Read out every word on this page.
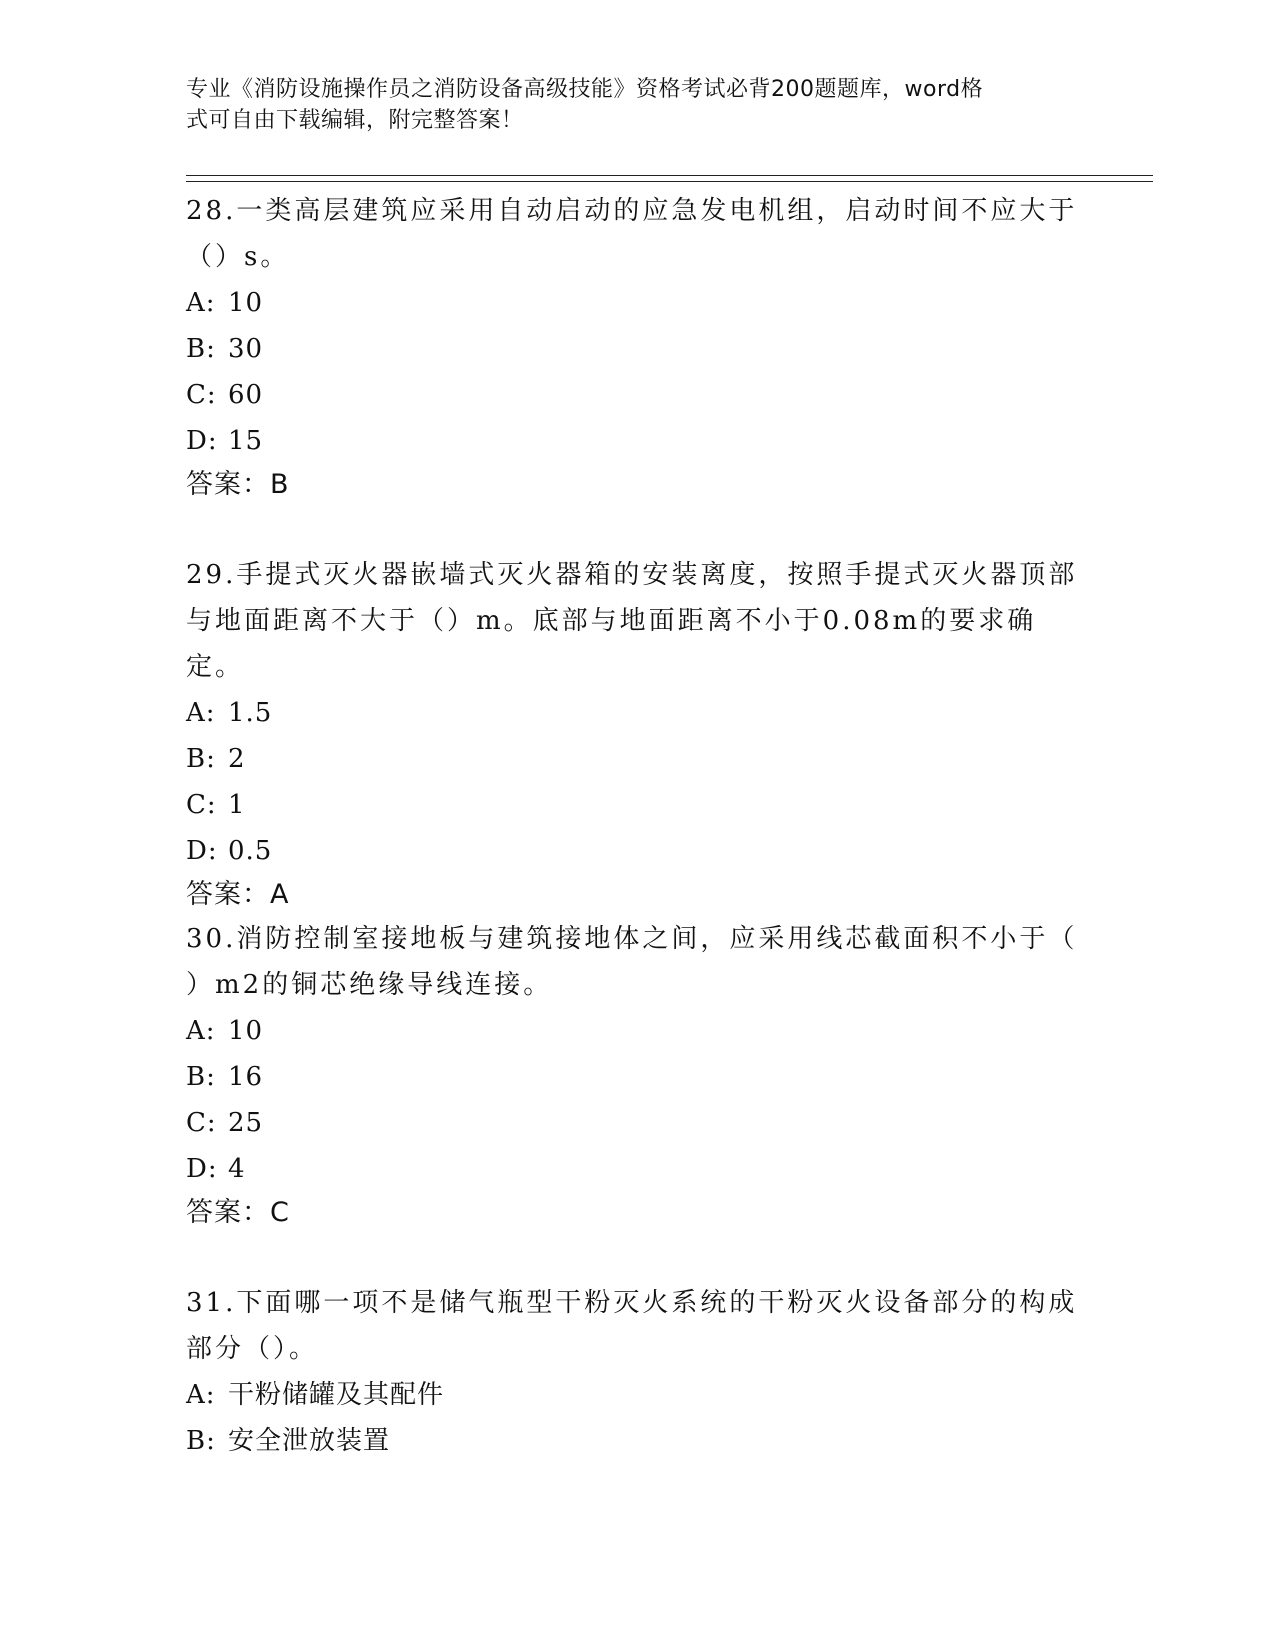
专业《消防设施操作员之消防设备高级技能》资格考试必背200题题库，word格
式可自由下载编辑，附完整答案！
28.一类高层建筑应采用自动启动的应急发电机组，启动时间不应大于
（）s。
A: 10
B: 30
C: 60
D: 15
答案：B
29.手提式灭火器嵌墙式灭火器箱的安装离度，按照手提式灭火器顶部
与地面距离不大于（）m。底部与地面距离不小于0.08m的要求确定。
A: 1.5
B: 2
C: 1
D: 0.5
答案：A
30.消防控制室接地板与建筑接地体之间，应采用线芯截面积不小于（
）m2的铜芯绝缘导线连接。
A: 10
B: 16
C: 25
D: 4
答案：C
31.下面哪一项不是储气瓶型干粉灭火系统的干粉灭火设备部分的构成
部分（）。
A: 干粉储罐及其配件
B: 安全泄放装置
